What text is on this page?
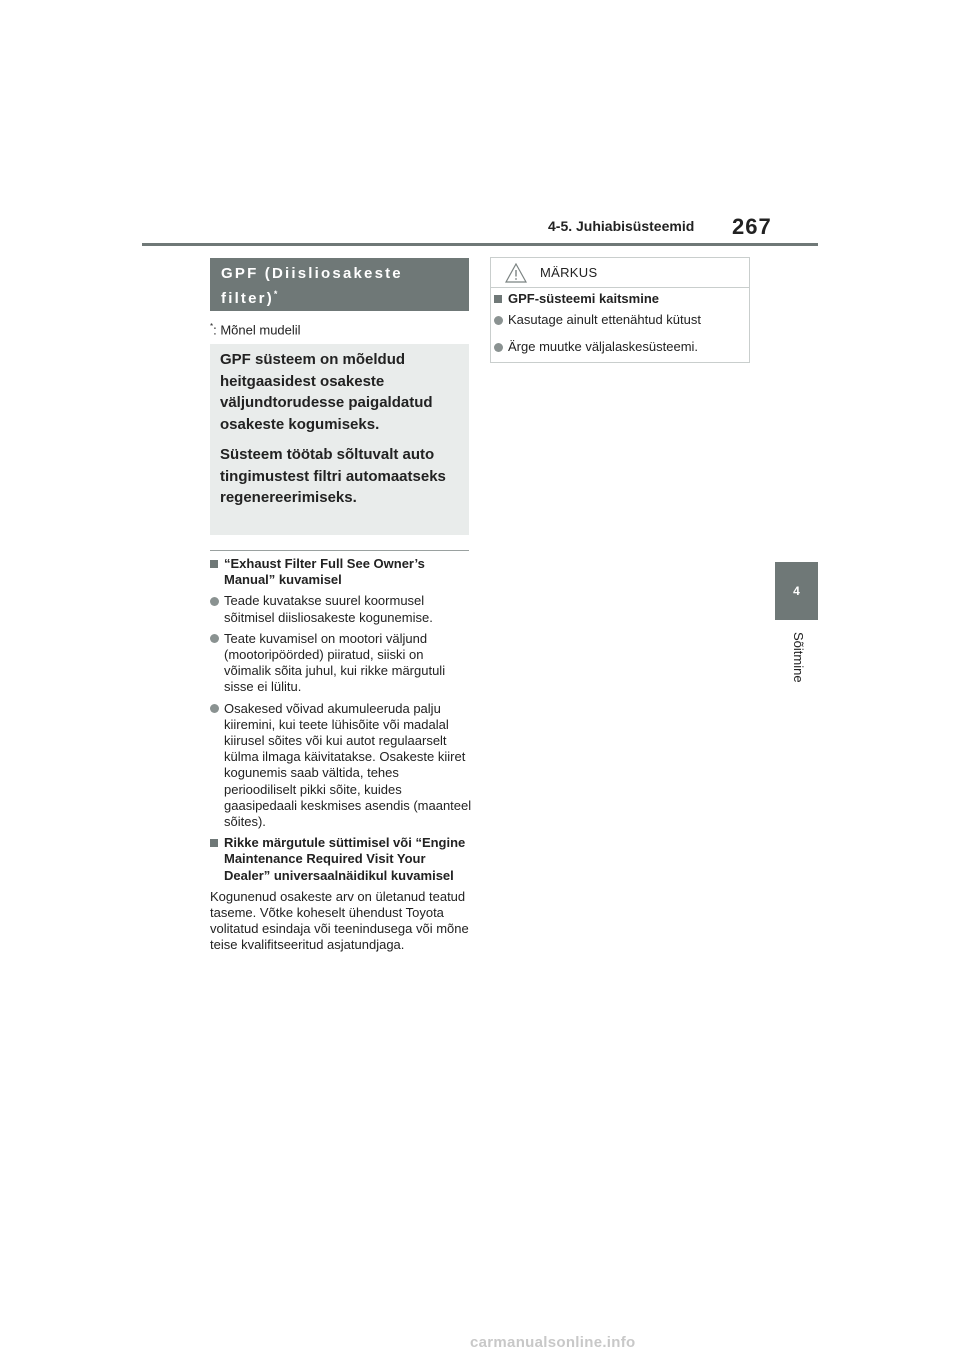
4-5. Juhiabisüsteemid 267
4
Sõitmine
GPF (Diisliosakeste filter)*
*: Mõnel mudelil

GPF süsteem on mõeldud heitgaasidest osakeste väljundtorudesse paigaldatud osakeste kogumiseks.

Süsteem töötab sõltuvalt auto tingimustest filtri automaatseks regenereerimiseks.

“Exhaust Filter Full See Owner’s Manual” kuvamisel
Teade kuvatakse suurel koormusel sõitmisel diisliosakeste kogunemise.
Teate kuvamisel on mootori väljund (mootoripöörded) piiratud, siiski on võimalik sõita juhul, kui rikke märgutuli sisse ei lülitu.
Osakesed võivad akumuleeruda palju kiiremini, kui teete lühisõite või madalal kiirusel sõites või kui autot regulaarselt külma ilmaga käivitatakse. Osakeste kiiret kogunemis saab vältida, tehes perioodiliselt pikki sõite, kuides gaasipedaali keskmises asendis (maanteel sõites).
Rikke märgutule süttimisel või “Engine Maintenance Required Visit Your Dealer” universaalnäidikul kuvamisel

Kogunenud osakeste arv on ületanud teatud taseme. Võtke koheselt ühendust Toyota volitatud esindaja või teenindusega või mõne teise kvalifitseeritud asjatundjaga.

MÄRKUS
GPF-süsteemi kaitsmine
Kasutage ainult ettenähtud kütust
Ärge muutke väljalaskesüsteemi.
carmanualsonline.info
